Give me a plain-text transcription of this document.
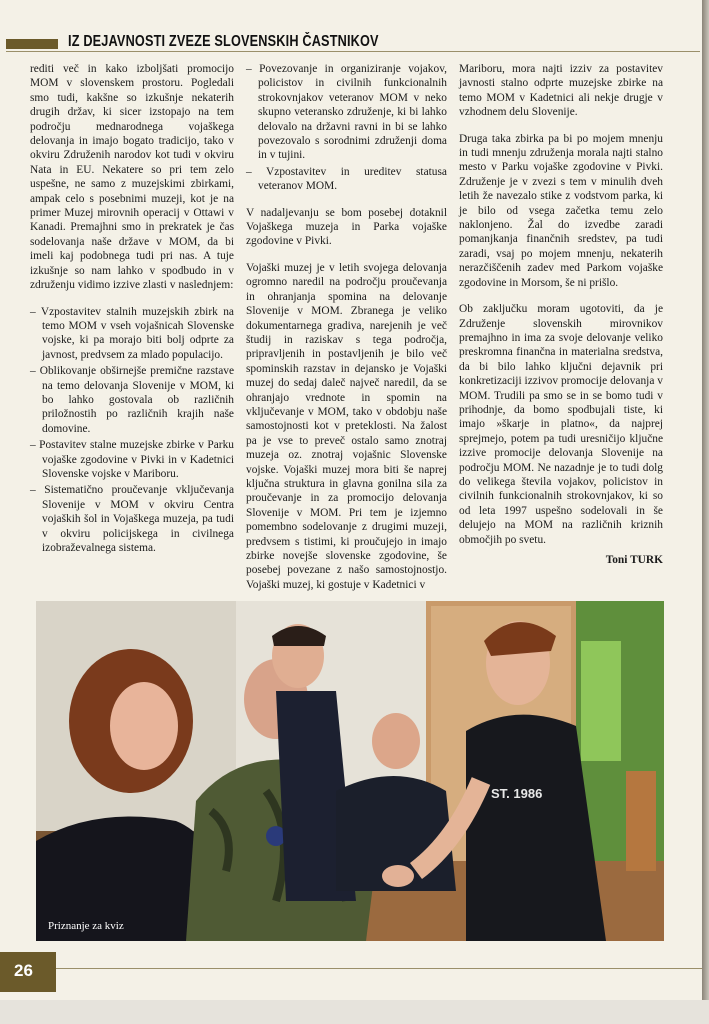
IZ DEJAVNOSTI ZVEZE SLOVENSKIH ČASTNIKOV

rediti več in kako izboljšati promocijo MOM v slovenskem prostoru. Pogledali smo tudi, kakšne so izkušnje nekaterih drugih držav, ki sicer izstopajo na tem področju mednarodnega vojaškega delovanja in imajo bogato tradicijo, tako v okviru Združenih narodov kot tudi v okviru Nata in EU. Nekatere so pri tem zelo uspešne, ne samo z muzejskimi zbirkami, ampak celo s posebnimi muzeji, kot je na primer Muzej mirovnih operacij v Ottawi v Kanadi. Premajhni smo in prekratek je čas sodelovanja naše države v MOM, da bi imeli kaj podobnega tudi pri nas. A tuje izkušnje so nam lahko v spodbudo in v združenju vidimo izzive zlasti v naslednjem:

– Vzpostavitev stalnih muzejskih zbirk na temo MOM v vseh vojašnicah Slovenske vojske, ki pa morajo biti bolj odprte za javnost, predvsem za mlado populacijo.

– Oblikovanje obširnejše premične razstave na temo delovanja Slovenije v MOM, ki bo lahko gostovala ob različnih priložnostih po različnih krajih naše domovine.

– Postavitev stalne muzejske zbirke v Parku vojaške zgodovine v Pivki in v Kadetnici Slovenske vojske v Mariboru.

– Sistematično proučevanje vključevanja Slovenije v MOM v okviru Centra vojaških šol in Vojaškega muzeja, pa tudi v okviru policijskega in civilnega izobraževalnega sistema.

– Povezovanje in organiziranje vojakov, policistov in civilnih funkcionalnih strokovnjakov veteranov MOM v neko skupno veteransko združenje, ki bi lahko delovalo na državni ravni in bi se lahko povezovalo s sorodnimi združenji doma in v tujini.

– Vzpostavitev in ureditev statusa veteranov MOM.

V nadaljevanju se bom posebej dotaknil Vojaškega muzeja in Parka vojaške zgodovine v Pivki.

Vojaški muzej je v letih svojega delovanja ogromno naredil na področju proučevanja in ohranjanja spomina na delovanje Slovenije v MOM. Zbranega je veliko dokumentarnega gradiva, narejenih je več študij in raziskav s tega področja, pripravljenih in postavljenih je bilo več spominskih razstav in dejansko je Vojaški muzej do sedaj daleč največ naredil, da se ohranjajo vrednote in spomin na vključevanje v MOM, tako v obdobju naše samostojnosti kot v preteklosti. Na žalost pa je vse to preveč ostalo samo znotraj muzeja oz. znotraj vojašnic Slovenske vojske. Vojaški muzej mora biti še naprej ključna struktura in glavna gonilna sila za proučevanje in za promocijo delovanja Slovenije v MOM. Pri tem je izjemno pomembno sodelovanje z drugimi muzeji, predvsem s tistimi, ki proučujejo in imajo zbirke novejše slovenske zgodovine, še posebej povezane z našo samostojnostjo. Vojaški muzej, ki gostuje v Kadetnici v

Mariboru, mora najti izziv za postavitev javnosti stalno odprte muzejske zbirke na temo MOM v Kadetnici ali nekje drugje v vzhodnem delu Slovenije.

Druga taka zbirka pa bi po mojem mnenju in tudi mnenju združenja morala najti stalno mesto v Parku vojaške zgodovine v Pivki. Združenje je v zvezi s tem v minulih dveh letih že navezalo stike z vodstvom parka, ki je bilo od vsega začetka temu zelo naklonjeno. Žal do izvedbe zaradi pomanjkanja finančnih sredstev, pa tudi zaradi, vsaj po mojem mnenju, nekaterih nerazčiščenih zadev med Parkom vojaške zgodovine in Morsom, še ni prišlo.

Ob zaključku moram ugotoviti, da je Združenje slovenskih mirovnikov premajhno in ima za svoje delovanje veliko preskromna finančna in materialna sredstva, da bi bilo lahko ključni dejavnik pri konkretizaciji izzivov promocije delovanja v MOM. Trudili pa smo se in se bomo tudi v prihodnje, da bomo spodbujali tiste, ki imajo »škarje in platno«, da najprej sprejmejo, potem pa tudi uresničijo ključne izzive promocije delovanja Slovenije na področju MOM. Ne nazadnje je to tudi dolg do velikega števila vojakov, policistov in civilnih funkcionalnih strokovnjakov, ki so od leta 1997 uspešno sodelovali in še delujejo na MOM na različnih kriznih območjih po svetu.

Toni TURK
ST. 1986
Priznanje za kviz
26
